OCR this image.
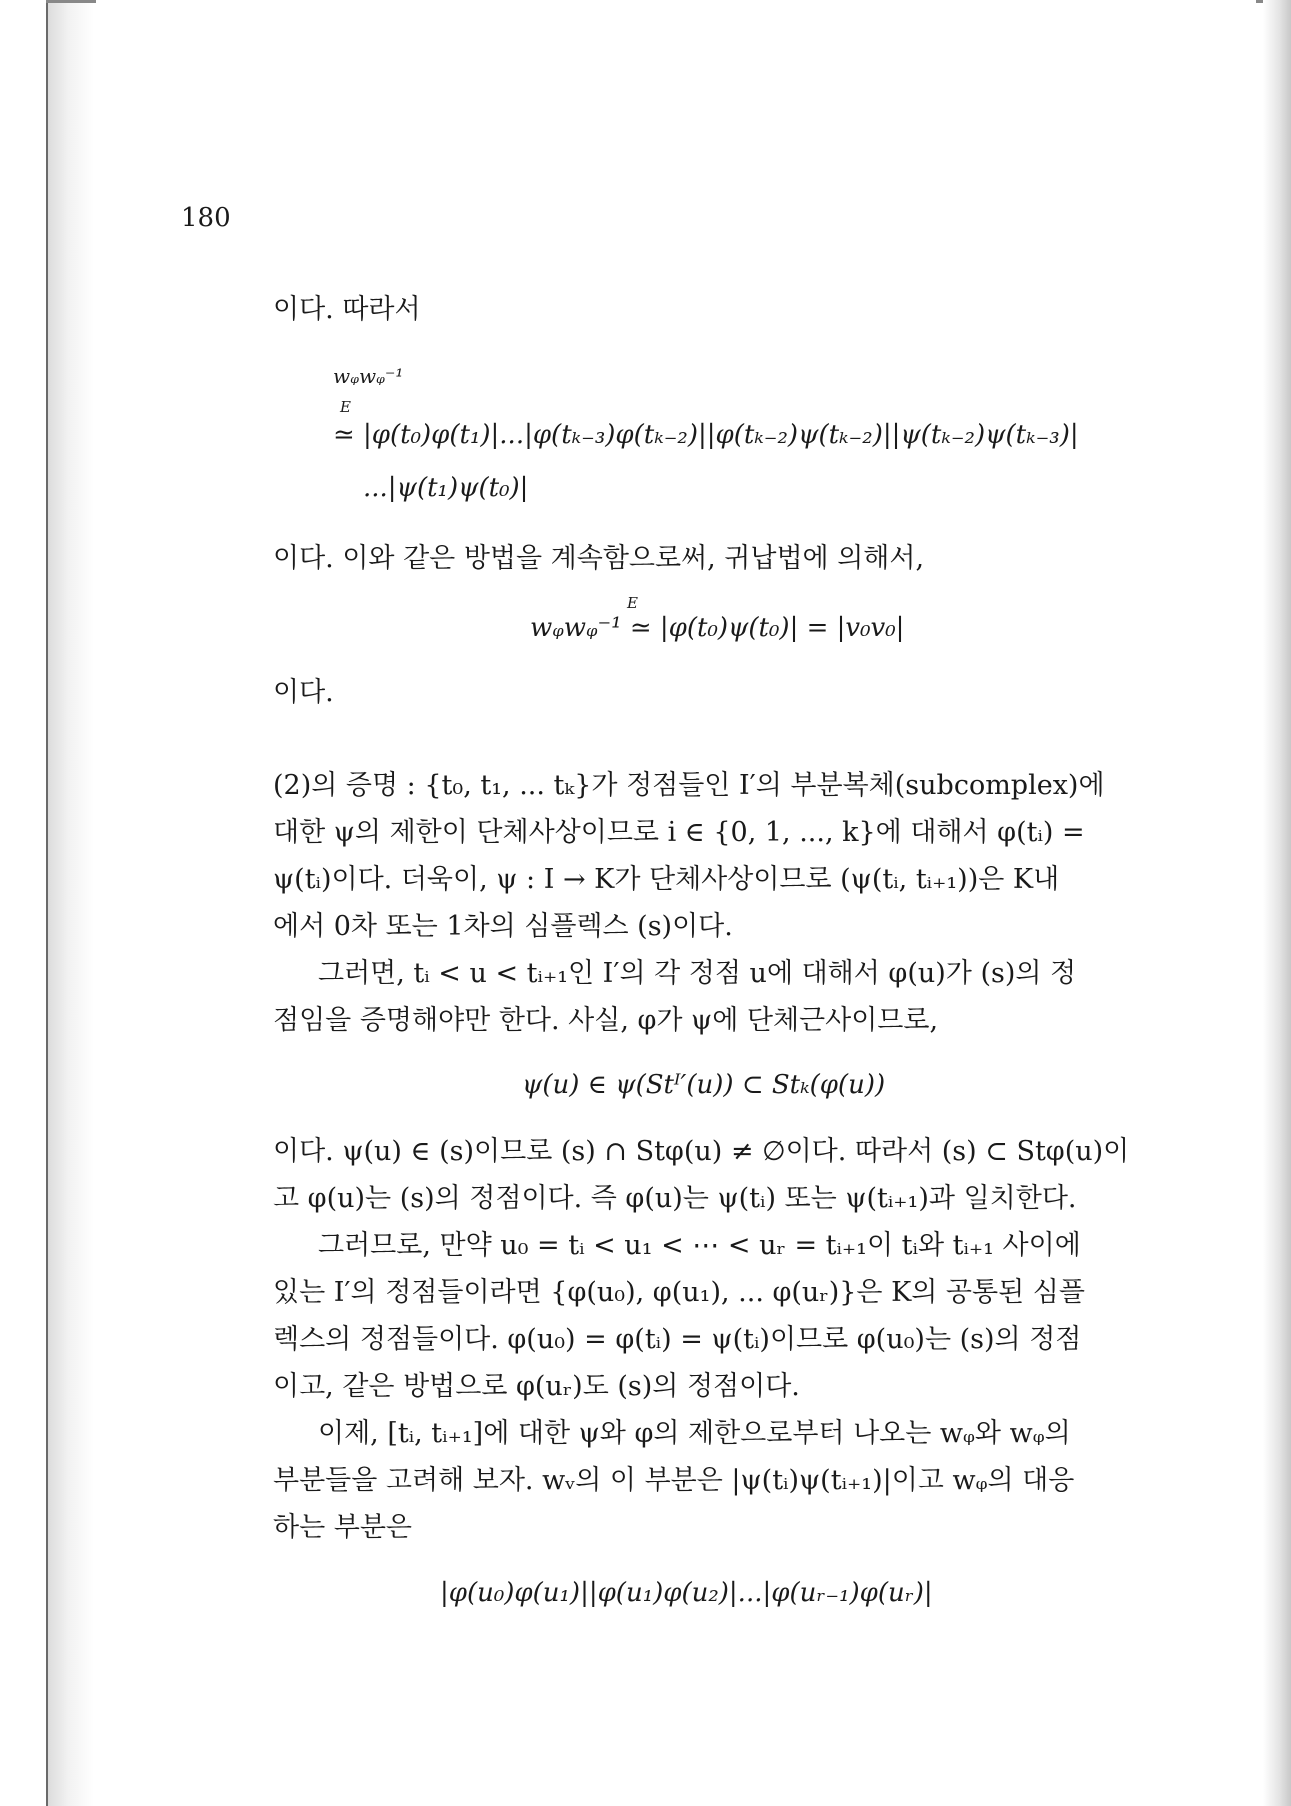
180
이다. 따라서
wᵩwᵩ⁻¹
E
≃ |φ(t₀)φ(t₁)|...|φ(tₖ₋₃)φ(tₖ₋₂)||φ(tₖ₋₂)ψ(tₖ₋₂)||ψ(tₖ₋₂)ψ(tₖ₋₃)|
...|ψ(t₁)ψ(t₀)|
이다. 이와 같은 방법을 계속함으로써, 귀납법에 의해서,
E
wᵩwᵩ⁻¹ ≃ |φ(t₀)ψ(t₀)| = |v₀v₀|
이다.
(2)의 증명 : {t₀, t₁, ... tₖ}가 정점들인 I′의 부분복체(subcomplex)에
대한 ψ의 제한이 단체사상이므로 i ∈ {0, 1, ..., k}에 대해서 φ(tᵢ) =
ψ(tᵢ)이다. 더욱이, ψ : I → K가 단체사상이므로 (ψ(tᵢ, tᵢ₊₁))은 K내
에서 0차 또는 1차의 심플렉스 (s)이다.
그러면, tᵢ < u < tᵢ₊₁인 I′의 각 정점 u에 대해서 φ(u)가 (s)의 정
점임을 증명해야만 한다. 사실, φ가 ψ에 단체근사이므로,
ψ(u) ∈ ψ(Stᴵ′(u)) ⊂ Stₖ(φ(u))
이다. ψ(u) ∈ (s)이므로 (s) ∩ Stφ(u) ≠ ∅이다. 따라서 (s) ⊂ Stφ(u)이
고 φ(u)는 (s)의 정점이다. 즉 φ(u)는 ψ(tᵢ) 또는 ψ(tᵢ₊₁)과 일치한다.
그러므로, 만약 u₀ = tᵢ < u₁ < ⋯ < uᵣ = tᵢ₊₁이 tᵢ와 tᵢ₊₁ 사이에
있는 I′의 정점들이라면 {φ(u₀), φ(u₁), ... φ(uᵣ)}은 K의 공통된 심플
렉스의 정점들이다. φ(u₀) = φ(tᵢ) = ψ(tᵢ)이므로 φ(u₀)는 (s)의 정점
이고, 같은 방법으로 φ(uᵣ)도 (s)의 정점이다.
이제, [tᵢ, tᵢ₊₁]에 대한 ψ와 φ의 제한으로부터 나오는 wᵩ와 wᵩ의
부분들을 고려해 보자. wᵥ의 이 부분은 |ψ(tᵢ)ψ(tᵢ₊₁)|이고 wᵩ의 대응
하는 부분은
|φ(u₀)φ(u₁)||φ(u₁)φ(u₂)|...|φ(uᵣ₋₁)φ(uᵣ)|
